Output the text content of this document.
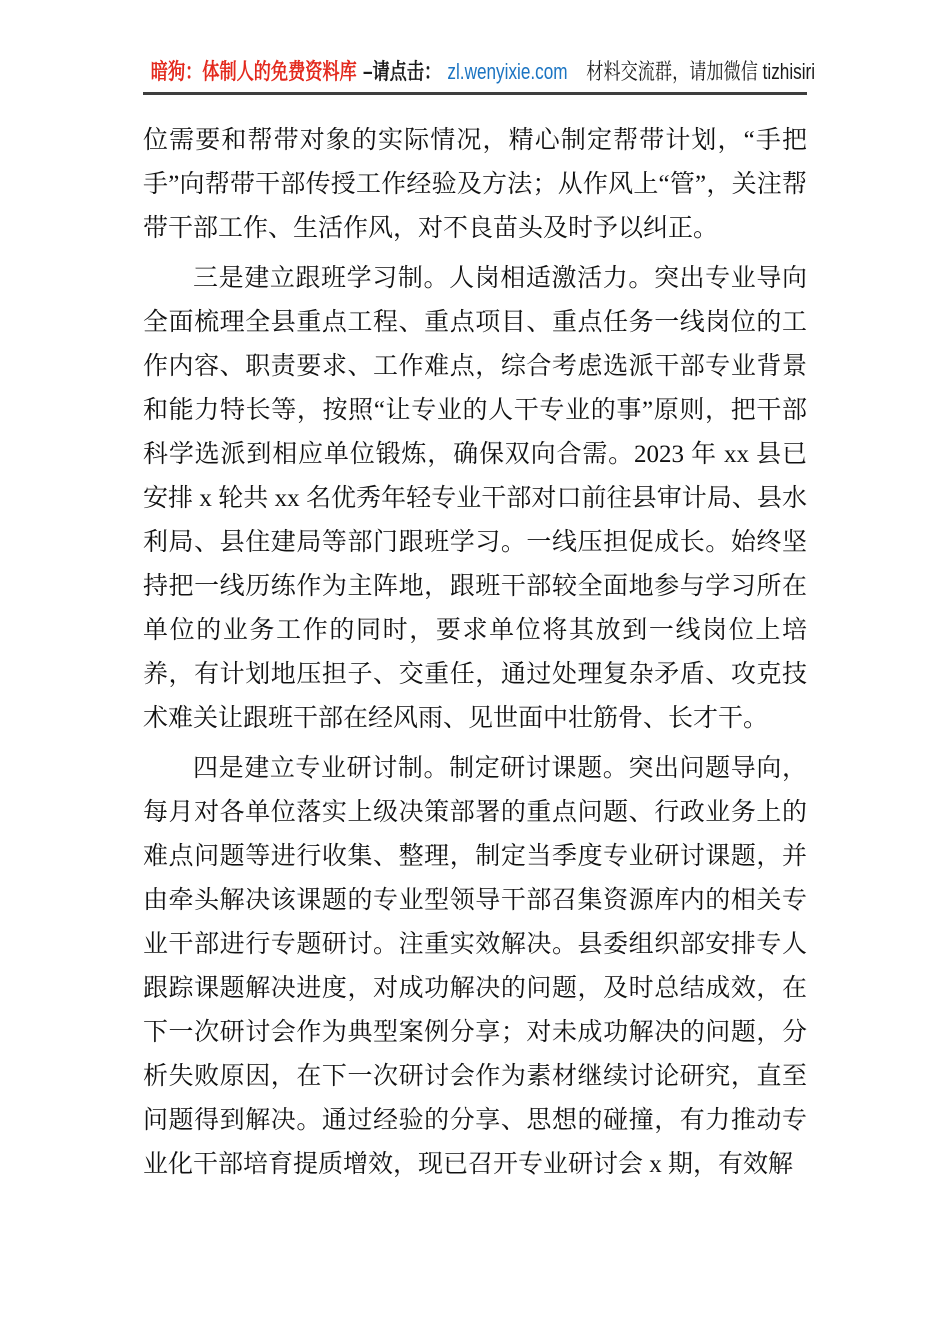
暗狗：体制人的免费资料库 –请点击： zl.wenyixie.com 材料交流群，请加微信 tizhisiri

位需要和帮带对象的实际情况，精心制定帮带计划，“手把手”向帮带干部传授工作经验及方法；从作风上“管”，关注帮带干部工作、生活作风，对不良苗头及时予以纠正。

三是建立跟班学习制。人岗相适激活力。突出专业导向全面梳理全县重点工程、重点项目、重点任务一线岗位的工作内容、职责要求、工作难点，综合考虑选派干部专业背景和能力特长等，按照“让专业的人干专业的事”原则，把干部科学选派到相应单位锻炼，确保双向合需。2023 年 xx 县已安排 x 轮共 xx 名优秀年轻专业干部对口前往县审计局、县水利局、县住建局等部门跟班学习。一线压担促成长。始终坚持把一线历练作为主阵地，跟班干部较全面地参与学习所在单位的业务工作的同时，要求单位将其放到一线岗位上培养，有计划地压担子、交重任，通过处理复杂矛盾、攻克技术难关让跟班干部在经风雨、见世面中壮筋骨、长才干。

四是建立专业研讨制。制定研讨课题。突出问题导向，每月对各单位落实上级决策部署的重点问题、行政业务上的难点问题等进行收集、整理，制定当季度专业研讨课题，并由牵头解决该课题的专业型领导干部召集资源库内的相关专业干部进行专题研讨。注重实效解决。县委组织部安排专人跟踪课题解决进度，对成功解决的问题，及时总结成效，在下一次研讨会作为典型案例分享；对未成功解决的问题，分析失败原因，在下一次研讨会作为素材继续讨论研究，直至问题得到解决。通过经验的分享、思想的碰撞，有力推动专业化干部培育提质增效，现已召开专业研讨会 x 期，有效解
